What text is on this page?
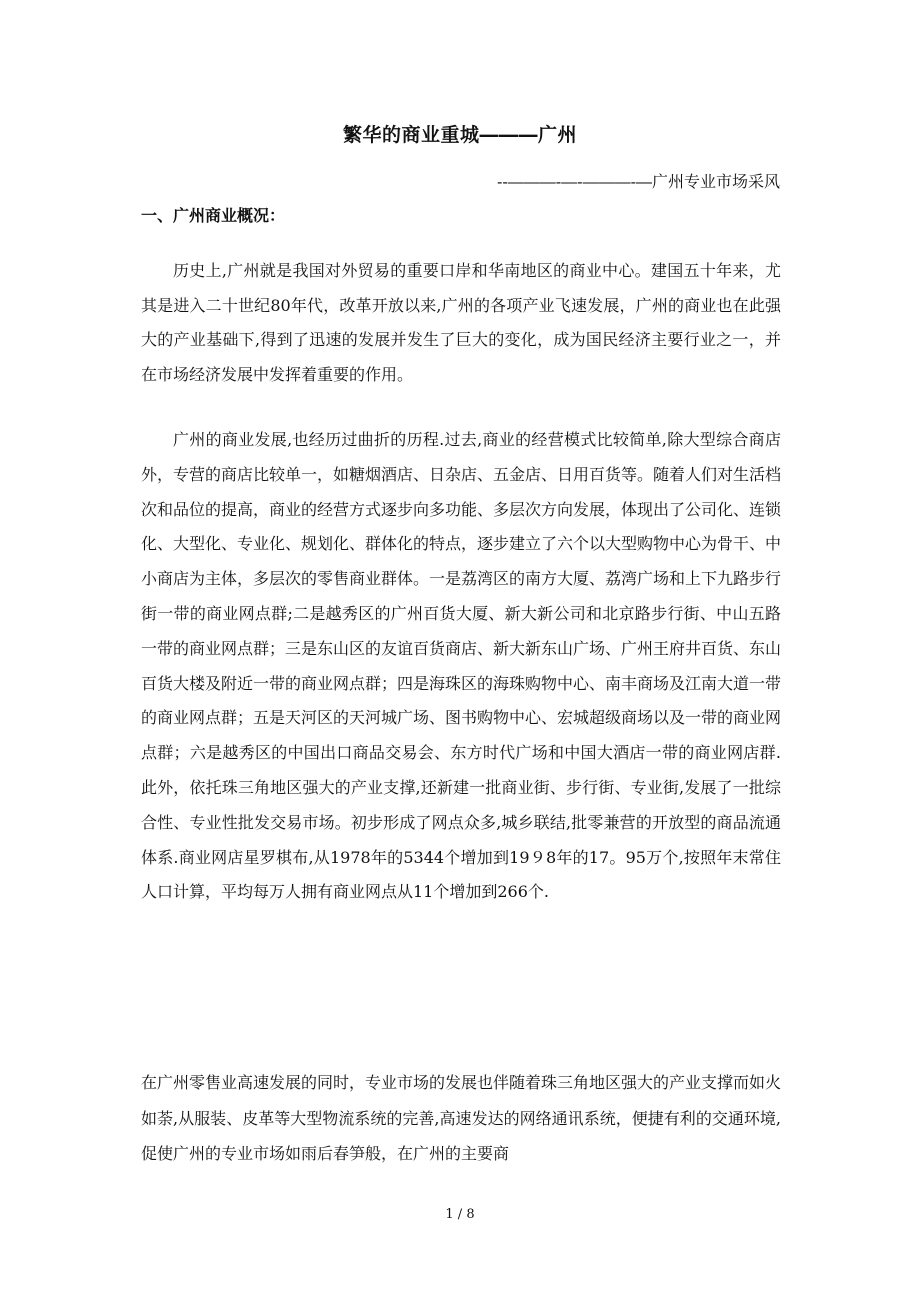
繁华的商业重城―――广州
--―――-―-―――-―广州专业市场采风
一、广州商业概况：

历史上,广州就是我国对外贸易的重要口岸和华南地区的商业中心。建国五十年来，尤其是进入二十世纪80年代，改革开放以来,广州的各项产业飞速发展，广州的商业也在此强大的产业基础下,得到了迅速的发展并发生了巨大的变化，成为国民经济主要行业之一，并在市场经济发展中发挥着重要的作用。

广州的商业发展,也经历过曲折的历程.过去,商业的经营模式比较简单,除大型综合商店外，专营的商店比较单一，如糖烟酒店、日杂店、五金店、日用百货等。随着人们对生活档次和品位的提高，商业的经营方式逐步向多功能、多层次方向发展，体现出了公司化、连锁化、大型化、专业化、规划化、群体化的特点，逐步建立了六个以大型购物中心为骨干、中小商店为主体，多层次的零售商业群体。一是荔湾区的南方大厦、荔湾广场和上下九路步行街一带的商业网点群;二是越秀区的广州百货大厦、新大新公司和北京路步行街、中山五路一带的商业网点群；三是东山区的友谊百货商店、新大新东山广场、广州王府井百货、东山百货大楼及附近一带的商业网点群；四是海珠区的海珠购物中心、南丰商场及江南大道一带的商业网点群；五是天河区的天河城广场、图书购物中心、宏城超级商场以及一带的商业网点群；六是越秀区的中国出口商品交易会、东方时代广场和中国大酒店一带的商业网店群.此外，依托珠三角地区强大的产业支撑,还新建一批商业街、步行街、专业街,发展了一批综合性、专业性批发交易市场。初步形成了网点众多,城乡联结,批零兼营的开放型的商品流通体系.商业网店星罗棋布,从1978年的5344个增加到19９8年的17。95万个,按照年末常住人口计算，平均每万人拥有商业网点从11个增加到266个.

在广州零售业高速发展的同时，专业市场的发展也伴随着珠三角地区强大的产业支撑而如火如荼,从服装、皮革等大型物流系统的完善,高速发达的网络通讯系统，便捷有利的交通环境,促使广州的专业市场如雨后春笋般，在广州的主要商

1 / 8
